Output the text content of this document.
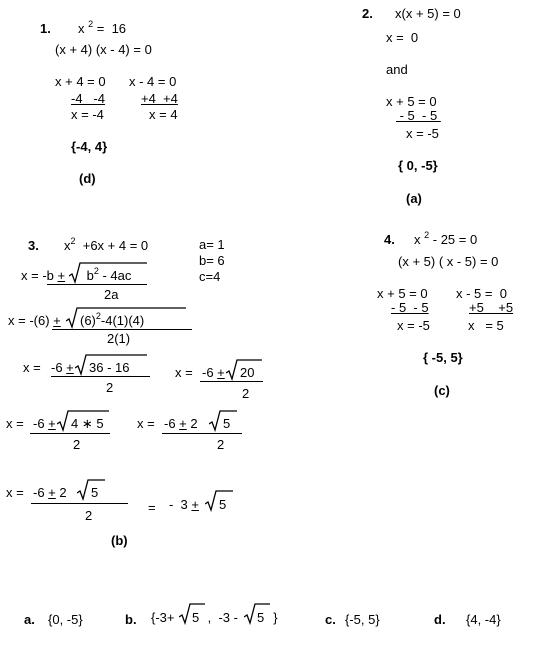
1. x $^2$ =  16
(x + 4) (x - 4) = 0
x + 4 = 0 x - 4 = 0
-4   -4	+4  +4
x = -4	x = 4
{-4, 4}
(d)
2. x(x + 5) = 0
x =  0
and
x + 5 = 0
- 5  - 5
x = -5
{ 0, -5}
(a)
3. $x^2 +6x + 4 = 0$	a= 1
b= 6
c=4
$x = -b + b^2 - 4ac$
2a
$x = -(6) + (6)^2-4(1)(4)$
2(1)
x = -6 + 36 - 16
2
x = -6 + 20
2
x = -6 + 4 ∗ 5
2
x = -6 + 2 5
2
x = -6 + 2 5
2
= -  3 + 5
(b)
4. x $^2$ - 25 = 0
(x + 5) ( x - 5) = 0
x + 5 = 0 x - 5 =  0
- 5  - 5	+5    +5
x = -5	x   = 5
{ -5, 5}
(c)
a. {0, -5}	b. {-3+ 5 ,  -3 - 5 }	c. {-5, 5}	d. {4, -4}
